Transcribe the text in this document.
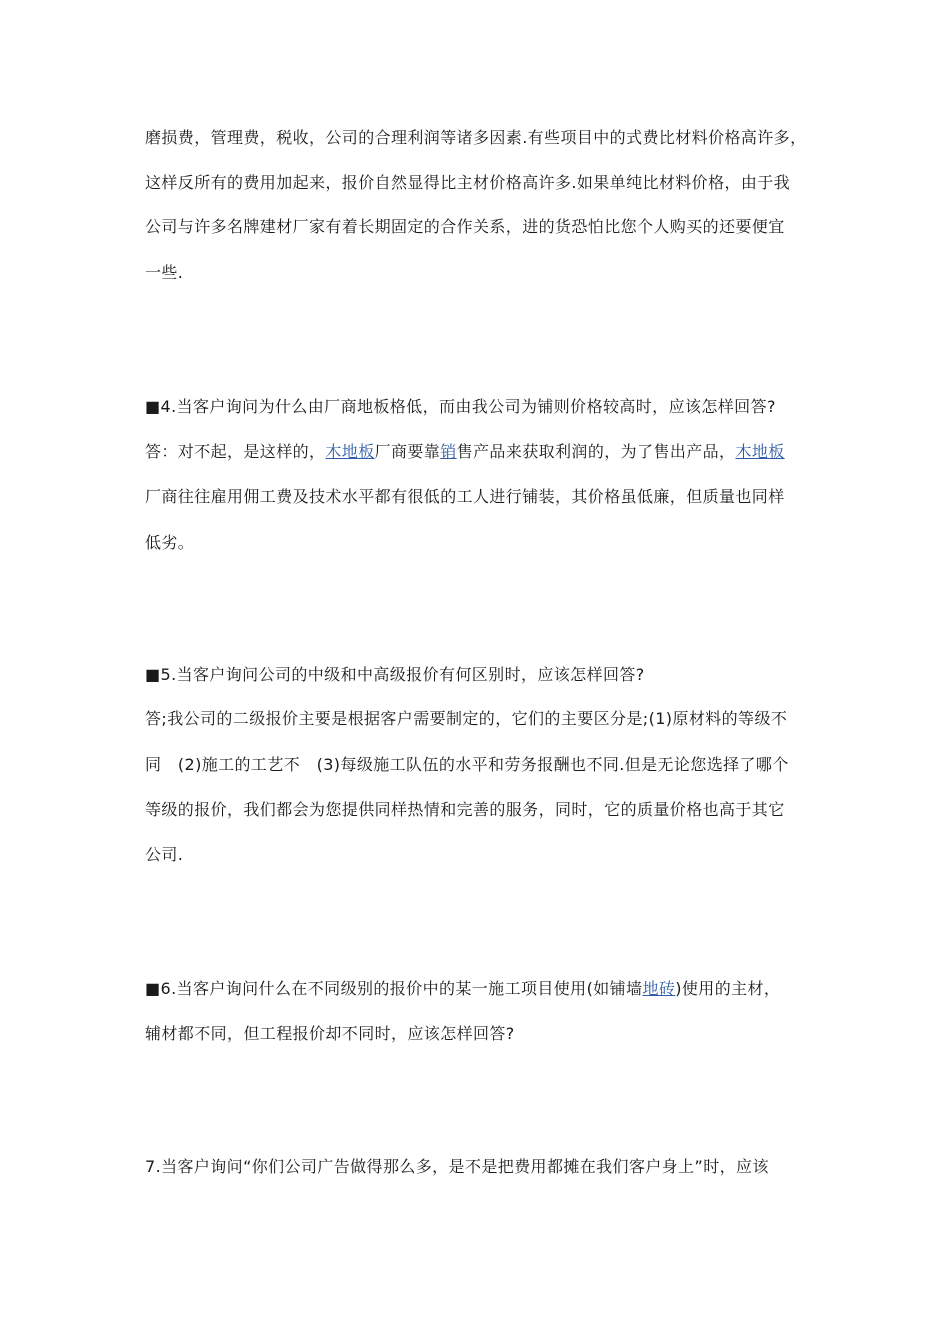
磨损费，管理费，税收，公司的合理利润等诸多因素.有些项目中的式费比材料价格高许多，
这样反所有的费用加起来，报价自然显得比主材价格高许多.如果单纯比材料价格，由于我
公司与许多名牌建材厂家有着长期固定的合作关系，进的货恐怕比您个人购买的还要便宜
一些.
■4.当客户询问为什么由厂商地板格低，而由我公司为铺则价格较高时，应该怎样回答?
答：对不起，是这样的，木地板厂商要靠销售产品来获取利润的，为了售出产品，木地板
厂商往往雇用佣工费及技术水平都有很低的工人进行铺装，其价格虽低廉，但质量也同样
低劣。
■5.当客户询问公司的中级和中高级报价有何区别时，应该怎样回答?
答;我公司的二级报价主要是根据客户需要制定的，它们的主要区分是;(1)原材料的等级不
同   (2)施工的工艺不   (3)每级施工队伍的水平和劳务报酬也不同.但是无论您选择了哪个
等级的报价，我们都会为您提供同样热情和完善的服务，同时，它的质量价格也高于其它
公司.
■6.当客户询问什么在不同级别的报价中的某一施工项目使用(如铺墙地砖)使用的主材，
辅材都不同，但工程报价却不同时，应该怎样回答?
7.当客户询问“你们公司广告做得那么多，是不是把费用都摊在我们客户身上”时，应该
